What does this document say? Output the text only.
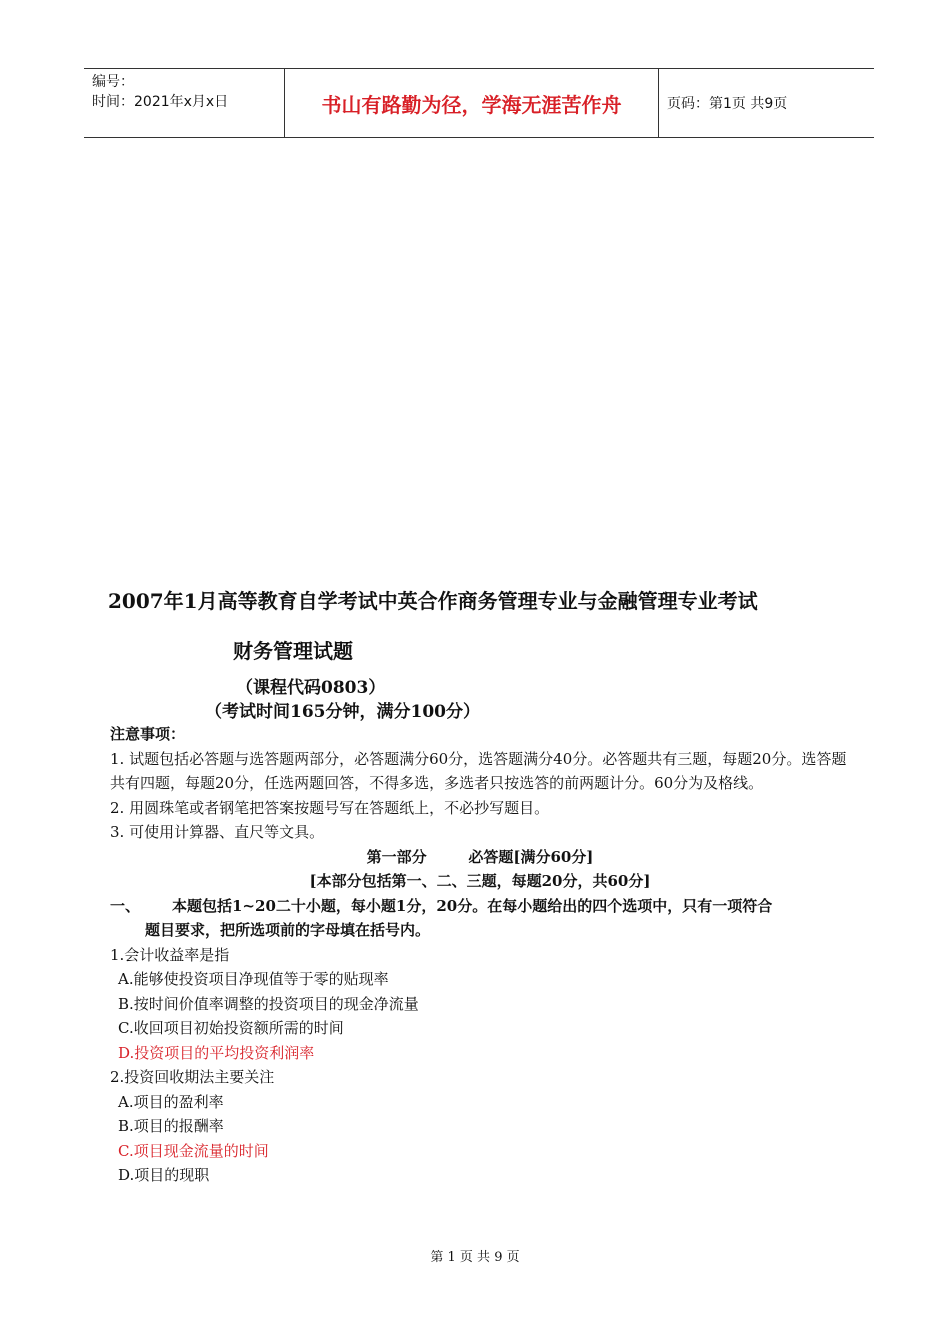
编号：
时间：2021年x月x日	书山有路勤为径，学海无涯苦作舟	页码：第1页 共9页
2007年1月高等教育自学考试中英合作商务管理专业与金融管理专业考试
财务管理试题
（课程代码0803）
（考试时间165分钟，满分100分）
注意事项：
1. 试题包括必答题与选答题两部分，必答题满分60分，选答题满分40分。必答题共有三题，每题20分。选答题共有四题，每题20分，任选两题回答，不得多选，多选者只按选答的前两题计分。60分为及格线。
2. 用圆珠笔或者钢笔把答案按题号写在答题纸上，不必抄写题目。
3. 可使用计算器、直尺等文具。
第一部分        必答题[满分60分]
[本部分包括第一、二、三题，每题20分，共60分]
一、	本题包括1~20二十小题，每小题1分，20分。在每小题给出的四个选项中，只有一项符合
题目要求，把所选项前的字母填在括号内。
1.会计收益率是指
A.能够使投资项目净现值等于零的贴现率
B.按时间价值率调整的投资项目的现金净流量
C.收回项目初始投资额所需的时间
D.投资项目的平均投资利润率
2.投资回收期法主要关注
A.项目的盈利率
B.项目的报酬率
C.项目现金流量的时间
D.项目的现职
第 1 页 共 9 页
